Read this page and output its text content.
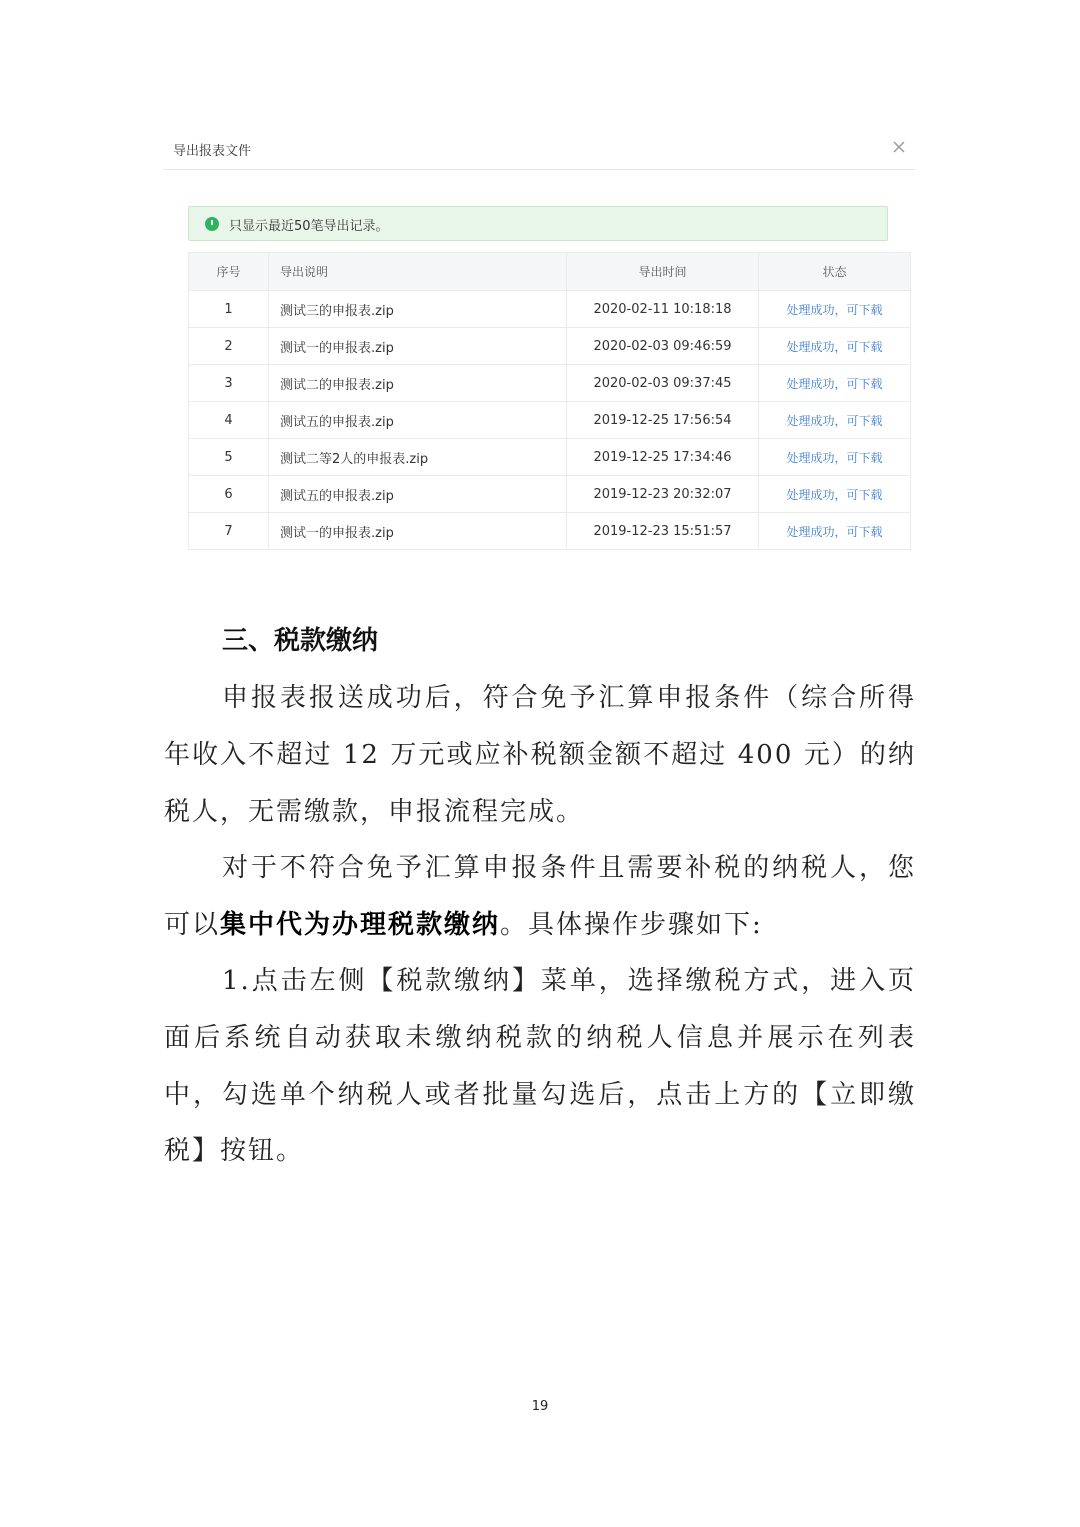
导出报表文件
只显示最近50笔导出记录。
序号	导出说明	导出时间	状态
1	测试三的申报表.zip	2020-02-11 10:18:18	处理成功，可下载
2	测试一的申报表.zip	2020-02-03 09:46:59	处理成功，可下载
3	测试二的申报表.zip	2020-02-03 09:37:45	处理成功，可下载
4	测试五的申报表.zip	2019-12-25 17:56:54	处理成功，可下载
5	测试二等2人的申报表.zip	2019-12-25 17:34:46	处理成功，可下载
6	测试五的申报表.zip	2019-12-23 20:32:07	处理成功，可下载
7	测试一的申报表.zip	2019-12-23 15:51:57	处理成功，可下载
三、税款缴纳

申报表报送成功后，符合免予汇算申报条件（综合所得年收入不超过 12 万元或应补税额金额不超过 400 元）的纳税人，无需缴款，申报流程完成。

对于不符合免予汇算申报条件且需要补税的纳税人，您可以集中代为办理税款缴纳。具体操作步骤如下:

1.点击左侧【税款缴纳】菜单，选择缴税方式，进入页面后系统自动获取未缴纳税款的纳税人信息并展示在列表中，勾选单个纳税人或者批量勾选后，点击上方的【立即缴税】按钮。

19
